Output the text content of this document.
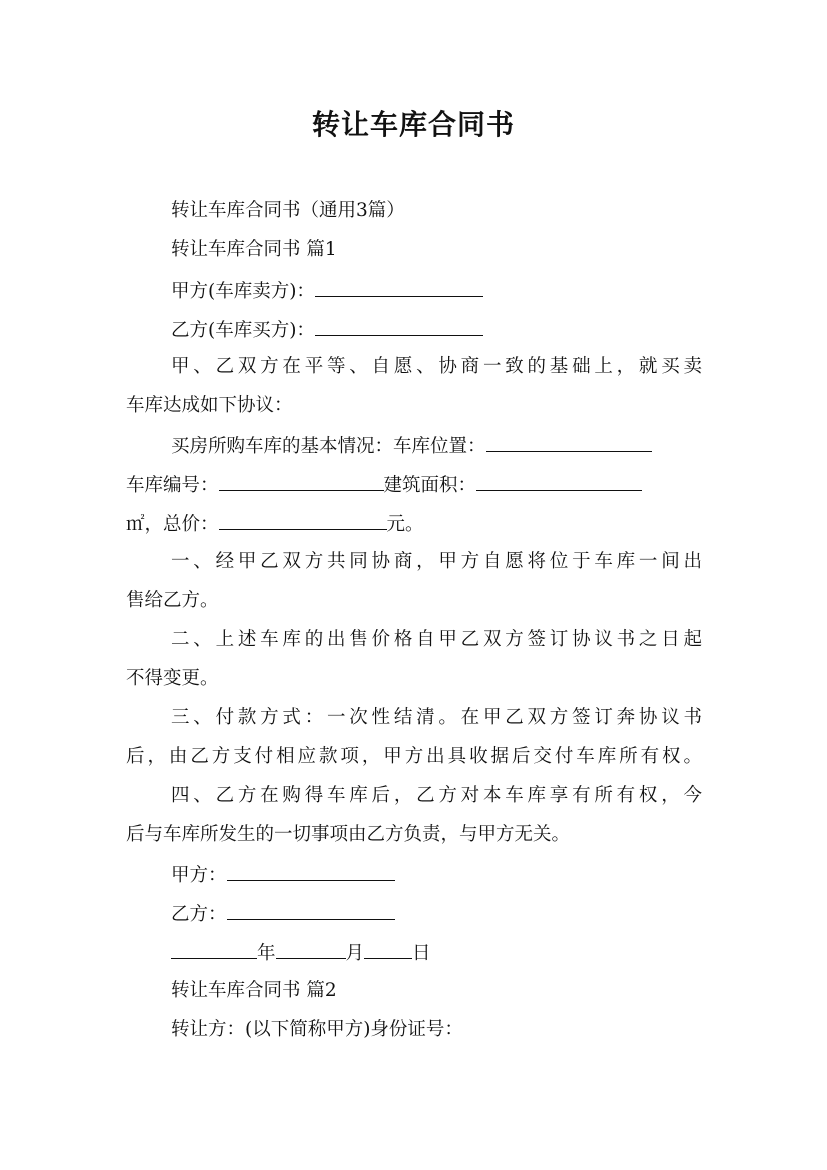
转让车库合同书
转让车库合同书（通用3篇）
转让车库合同书 篇1
甲方(车库卖方)：
乙方(车库买方)：
甲、乙双方在平等、自愿、协商一致的基础上，就买卖
车库达成如下协议：
买房所购车库的基本情况：车库位置：
车库编号：	建筑面积：
㎡，总价：	元。
一、经甲乙双方共同协商，甲方自愿将位于车库一间出
售给乙方。
二、上述车库的出售价格自甲乙双方签订协议书之日起
不得变更。
三、付款方式：一次性结清。在甲乙双方签订奔协议书
后，由乙方支付相应款项，甲方出具收据后交付车库所有权。
四、乙方在购得车库后，乙方对本车库享有所有权，今
后与车库所发生的一切事项由乙方负责，与甲方无关。
甲方：
乙方：
年	月	日
转让车库合同书 篇2
转让方：(以下简称甲方)身份证号：
